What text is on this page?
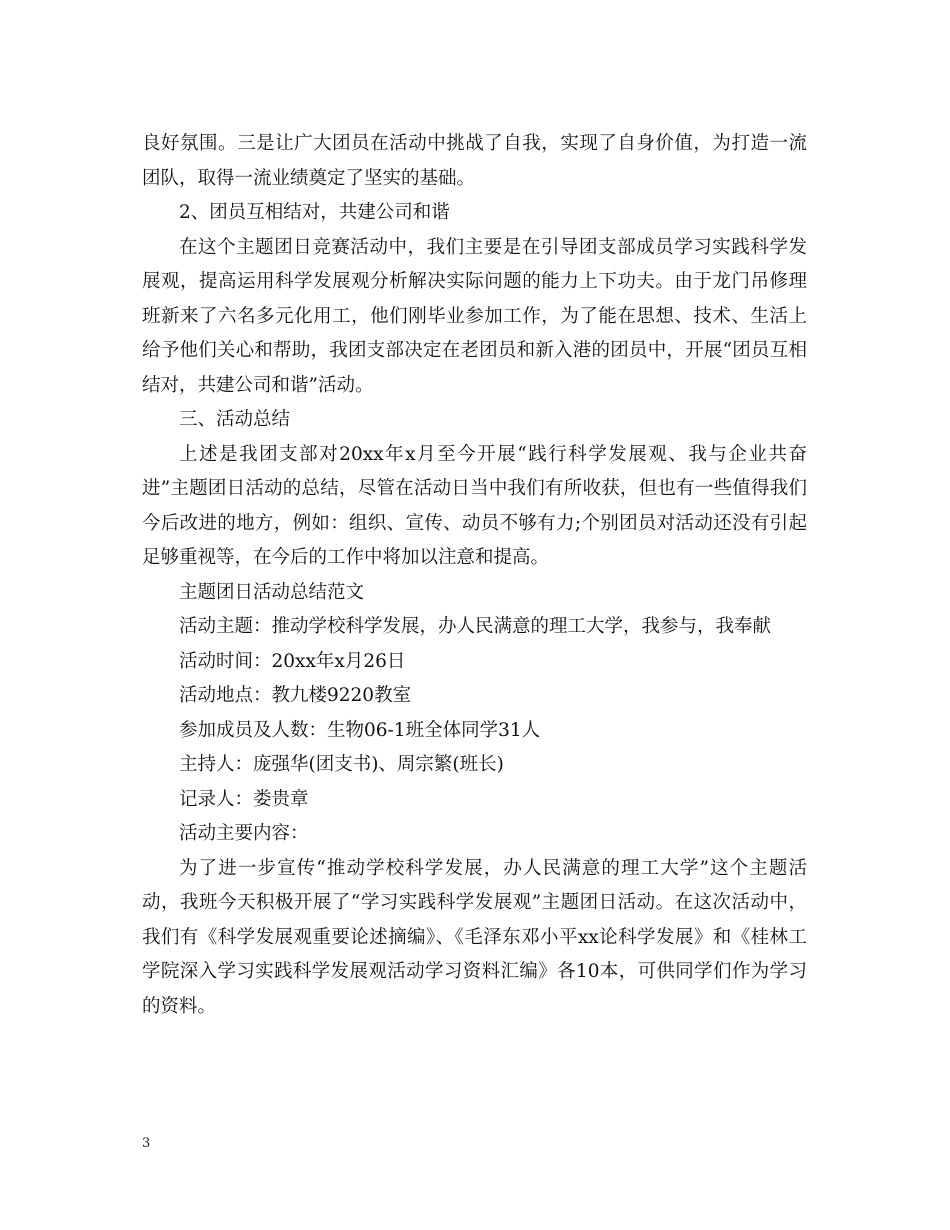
良好氛围。三是让广大团员在活动中挑战了自我，实现了自身价值，为打造一流团队，取得一流业绩奠定了坚实的基础。

2、团员互相结对，共建公司和谐

在这个主题团日竞赛活动中，我们主要是在引导团支部成员学习实践科学发展观，提高运用科学发展观分析解决实际问题的能力上下功夫。由于龙门吊修理班新来了六名多元化用工，他们刚毕业参加工作，为了能在思想、技术、生活上给予他们关心和帮助，我团支部决定在老团员和新入港的团员中，开展“团员互相结对，共建公司和谐”活动。

三、活动总结

上述是我团支部对20xx年x月至今开展“践行科学发展观、我与企业共奋进”主题团日活动的总结，尽管在活动日当中我们有所收获，但也有一些值得我们今后改进的地方，例如：组织、宣传、动员不够有力;个别团员对活动还没有引起足够重视等，在今后的工作中将加以注意和提高。

主题团日活动总结范文

活动主题：推动学校科学发展，办人民满意的理工大学，我参与，我奉献

活动时间：20xx年x月26日

活动地点：教九楼9220教室

参加成员及人数：生物06-1班全体同学31人

主持人：庞强华(团支书)、周宗繁(班长)

记录人：娄贵章

活动主要内容：

为了进一步宣传“推动学校科学发展，办人民满意的理工大学”这个主题活动，我班今天积极开展了“学习实践科学发展观”主题团日活动。在这次活动中，我们有《科学发展观重要论述摘编》、《毛泽东邓小平xx论科学发展》和《桂林工学院深入学习实践科学发展观活动学习资料汇编》各10本，可供同学们作为学习的资料。

3
